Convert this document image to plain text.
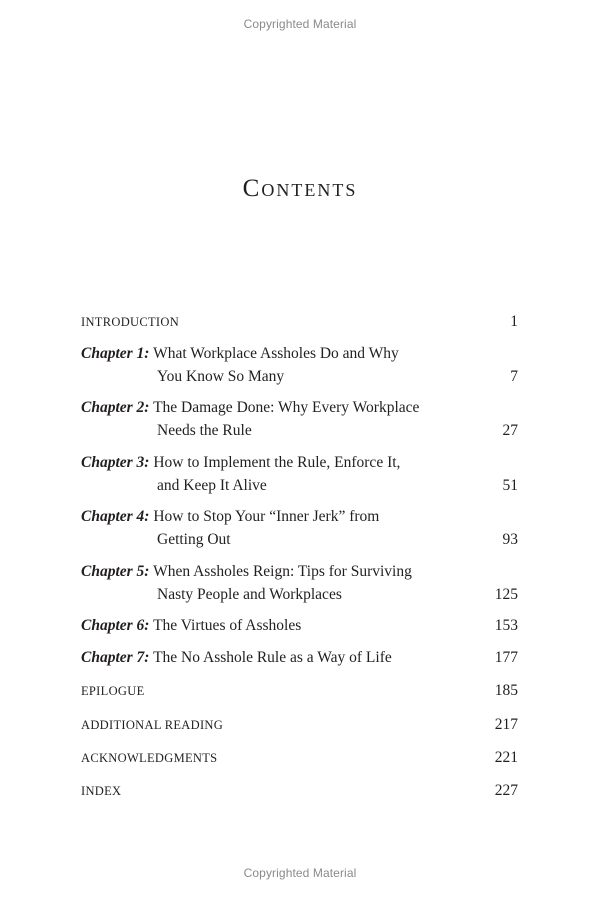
Copyrighted Material
Contents
INTRODUCTION	1
Chapter 1: What Workplace Assholes Do and Why
You Know So Many	7
Chapter 2: The Damage Done: Why Every Workplace
Needs the Rule	27
Chapter 3: How to Implement the Rule, Enforce It,
and Keep It Alive	51
Chapter 4: How to Stop Your “Inner Jerk” from
Getting Out	93
Chapter 5: When Assholes Reign: Tips for Surviving
Nasty People and Workplaces	125
Chapter 6: The Virtues of Assholes	153
Chapter 7: The No Asshole Rule as a Way of Life	177
EPILOGUE	185
ADDITIONAL READING	217
ACKNOWLEDGMENTS	221
INDEX	227
Copyrighted Material
